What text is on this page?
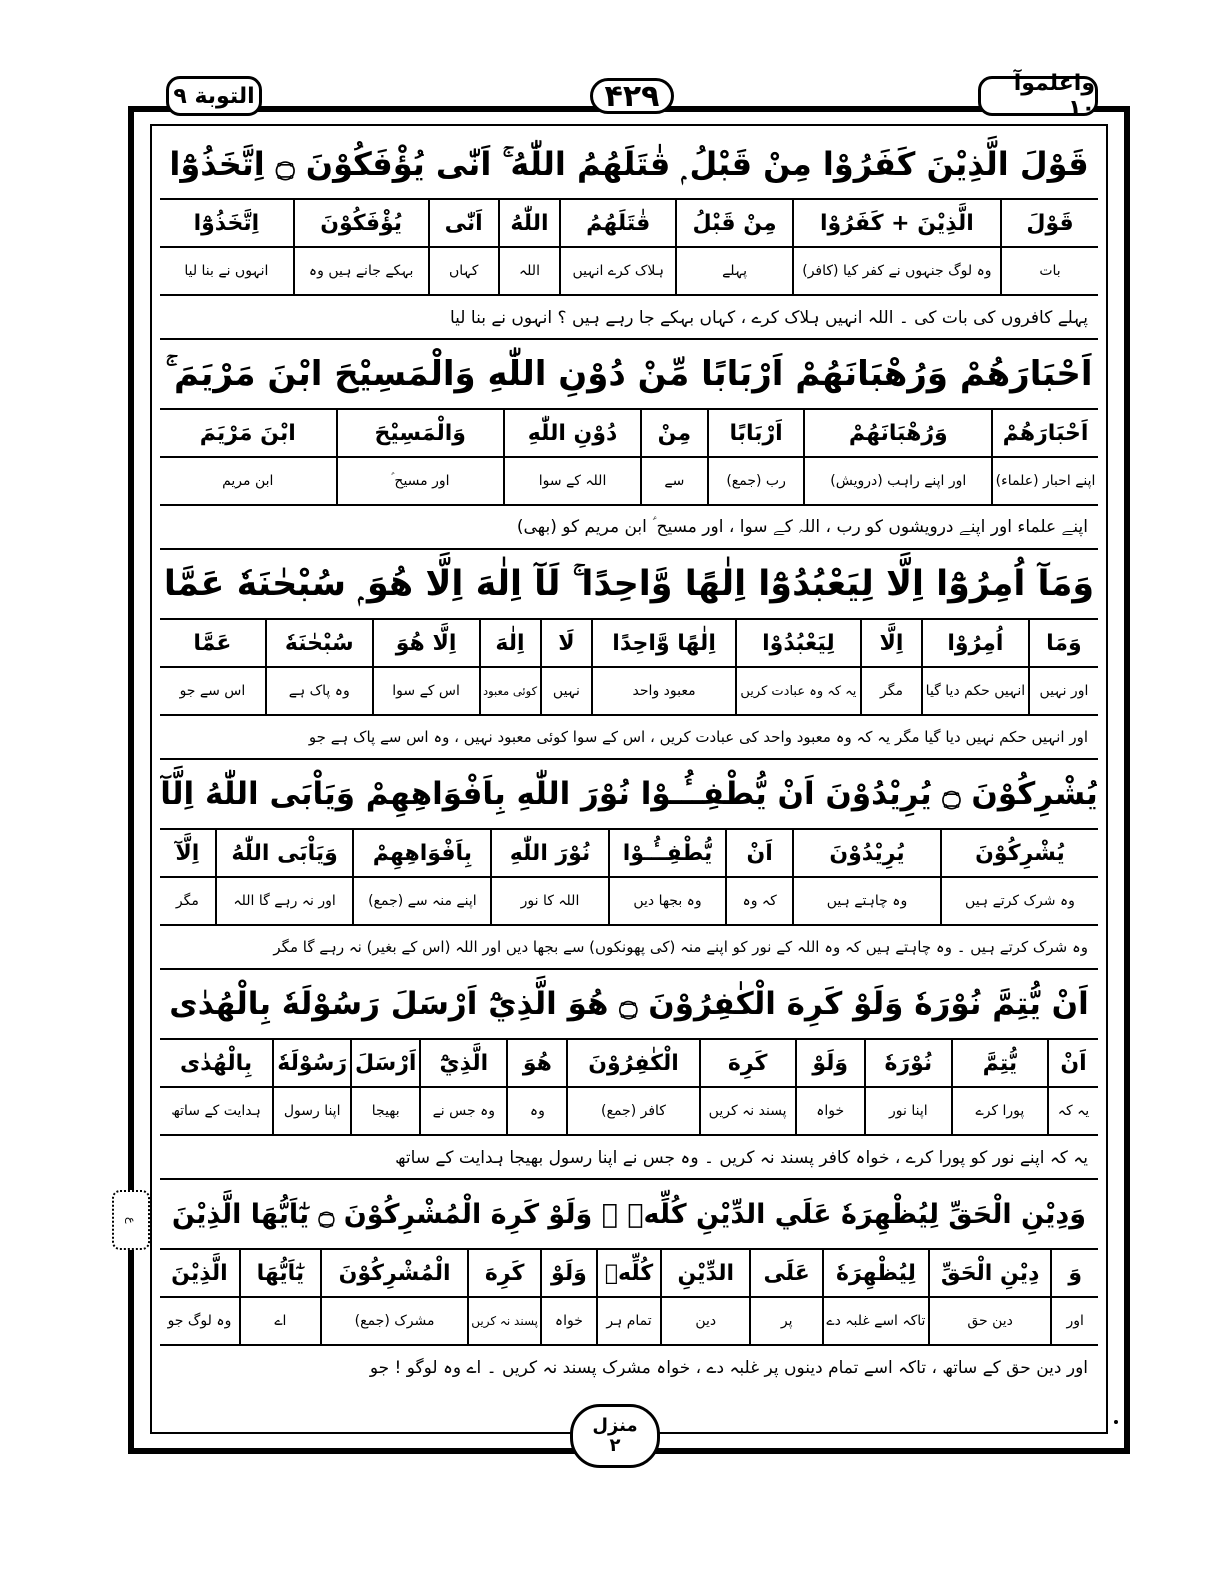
التوبة ٩	۴۲۹	واعلموآ ١٠
ع
قَوْلَ الَّذِيْنَ كَفَرُوْا مِنْ قَبْلُ ۭ قٰتَلَهُمُ اللّٰهُ ۚ اَنّٰى يُؤْفَكُوْنَ ۝ اِتَّخَذُوْٓا
قَوْلَ
الَّذِيْنَ + كَفَرُوْا
مِنْ قَبْلُ
قٰتَلَهُمُ
اللّٰهُ
اَنّٰى
يُؤْفَكُوْنَ
اِتَّخَذُوْٓا
بات
وہ لوگ جنہوں نے کفر کیا (کافر)
پہلے
ہلاک کرے انہیں
اللہ
کہاں
بہکے جانے ہیں وہ
انہوں نے بنا لیا
پہلے کافروں کی بات کی ۔ اللہ انہیں ہلاک کرے ، کہاں بہکے جا رہے ہیں ؟ انہوں نے بنا لیا
اَحْبَارَهُمْ وَرُهْبَانَهُمْ اَرْبَابًا مِّنْ دُوْنِ اللّٰهِ وَالْمَسِيْحَ ابْنَ مَرْيَمَ ۚ
اَحْبَارَهُمْ
وَرُهْبَانَهُمْ
اَرْبَابًا
مِنْ
دُوْنِ اللّٰهِ
وَالْمَسِيْحَ
ابْنَ مَرْيَمَ
اپنے احبار (علماء)
اور اپنے راہب (درویش)
رب (جمع)
سے
اللہ کے سوا
اور مسیح ؑ
ابن مریم
اپنے علماء اور اپنے درویشوں کو رب ، اللہ کے سوا ، اور مسیح ؑ ابن مریم کو (بھی)
وَمَآ اُمِرُوْٓا اِلَّا لِيَعْبُدُوْٓا اِلٰهًا وَّاحِدًا ۚ لَآ اِلٰهَ اِلَّا هُوَ ۭ سُبْحٰنَهٗ عَمَّا
وَمَا
اُمِرُوْا
اِلَّا
لِيَعْبُدُوْا
اِلٰهًا وَّاحِدًا
لَا
اِلٰهَ
اِلَّا هُوَ
سُبْحٰنَهٗ
عَمَّا
اور نہیں
انہیں حکم دیا گیا
مگر
یہ کہ وہ عبادت کریں
معبود واحد
نہیں
کوئی معبود
اس کے سوا
وہ پاک ہے
اس سے جو
اور انہیں حکم نہیں دیا گیا مگر یہ کہ وہ معبود واحد کی عبادت کریں ، اس کے سوا کوئی معبود نہیں ، وہ اس سے پاک ہے جو
يُشْرِكُوْنَ ۝ يُرِيْدُوْنَ اَنْ يُّطْفِــُٔـوْا نُوْرَ اللّٰهِ بِاَفْوَاهِهِمْ وَيَاْبَى اللّٰهُ اِلَّآ
يُشْرِكُوْنَ
يُرِيْدُوْنَ
اَنْ
يُّطْفِــُٔـوْا
نُوْرَ اللّٰهِ
بِاَفْوَاهِهِمْ
وَيَاْبَى اللّٰهُ
اِلَّآ
وہ شرک کرتے ہیں
وہ چاہتے ہیں
کہ وہ
وہ بجھا دیں
اللہ کا نور
اپنے منہ سے (جمع)
اور نہ رہے گا اللہ
مگر
وہ شرک کرتے ہیں ۔ وہ چاہتے ہیں کہ وہ اللہ کے نور کو اپنے منہ (کی پھونکوں) سے بجھا دیں اور اللہ (اس کے بغیر) نہ رہے گا مگر
اَنْ يُّتِمَّ نُوْرَهٗ وَلَوْ كَرِهَ الْكٰفِرُوْنَ ۝ هُوَ الَّذِيْٓ اَرْسَلَ رَسُوْلَهٗ بِالْهُدٰى
اَنْ
يُّتِمَّ
نُوْرَهٗ
وَلَوْ
كَرِهَ
الْكٰفِرُوْنَ
هُوَ
الَّذِيْٓ
اَرْسَلَ
رَسُوْلَهٗ
بِالْهُدٰى
یہ کہ
پورا کرے
اپنا نور
خواہ
پسند نہ کریں
کافر (جمع)
وہ
وہ جس نے
بھیجا
اپنا رسول
ہدایت کے ساتھ
یہ کہ اپنے نور کو پورا کرے ، خواہ کافر پسند نہ کریں ۔ وہ جس نے اپنا رسول بھیجا ہدایت کے ساتھ
وَدِيْنِ الْحَقِّ لِيُظْهِرَهٗ عَلَي الدِّيْنِ كُلِّهٖ ۙ وَلَوْ كَرِهَ الْمُشْرِكُوْنَ ۝ يٰٓاَيُّهَا الَّذِيْنَ
وَ
دِيْنِ الْحَقِّ
لِيُظْهِرَهٗ
عَلَى
الدِّيْنِ
كُلِّهٖ
وَلَوْ
كَرِهَ
الْمُشْرِكُوْنَ
يٰٓاَيُّهَا
الَّذِيْنَ
اور
دین حق
تاکہ اسے غلبہ دے
پر
دین
تمام ہر
خواہ
پسند نہ کریں
مشرک (جمع)
اے
وہ لوگ جو
اور دین حق کے ساتھ ، تاکہ اسے تمام دینوں پر غلبہ دے ، خواہ مشرک پسند نہ کریں ۔ اے وہ لوگو ! جو
منزل
٢
